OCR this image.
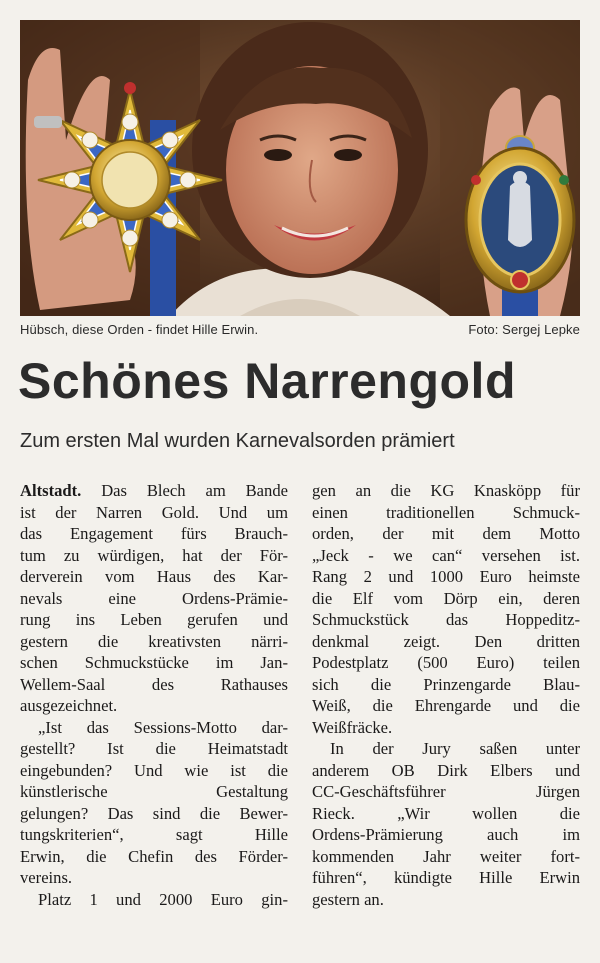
Hübsch, diese Orden - findet Hille Erwin.	Foto: Sergej Lepke
Schönes Narrengold
Zum ersten Mal wurden Karnevalsorden prämiert
Altstadt. Das Blech am Bande
ist der Narren Gold. Und um
das Engagement fürs Brauch-
tum zu würdigen, hat der För-
derverein vom Haus des Kar-
nevals eine Ordens-Prämie-
rung ins Leben gerufen und
gestern die kreativsten närri-
schen Schmuckstücke im Jan-
Wellem-Saal des Rathauses
ausgezeichnet.
„Ist das Sessions-Motto dar-
gestellt? Ist die Heimatstadt
eingebunden? Und wie ist die
künstlerische Gestaltung
gelungen? Das sind die Bewer-
tungskriterien“, sagt Hille
Erwin, die Chefin des Förder-
vereins.
Platz 1 und 2000 Euro gin-
gen an die KG Knasköpp für
einen traditionellen Schmuck-
orden, der mit dem Motto
„Jeck - we can“ versehen ist.
Rang 2 und 1000 Euro heimste
die Elf vom Dörp ein, deren
Schmuckstück das Hoppeditz-
denkmal zeigt. Den dritten
Podestplatz (500 Euro) teilen
sich die Prinzengarde Blau-
Weiß, die Ehrengarde und die
Weißfräcke.
In der Jury saßen unter
anderem OB Dirk Elbers und
CC-Geschäftsführer Jürgen
Rieck. „Wir wollen die
Ordens-Prämierung auch im
kommenden Jahr weiter fort-
führen“, kündigte Hille Erwin
gestern an.
